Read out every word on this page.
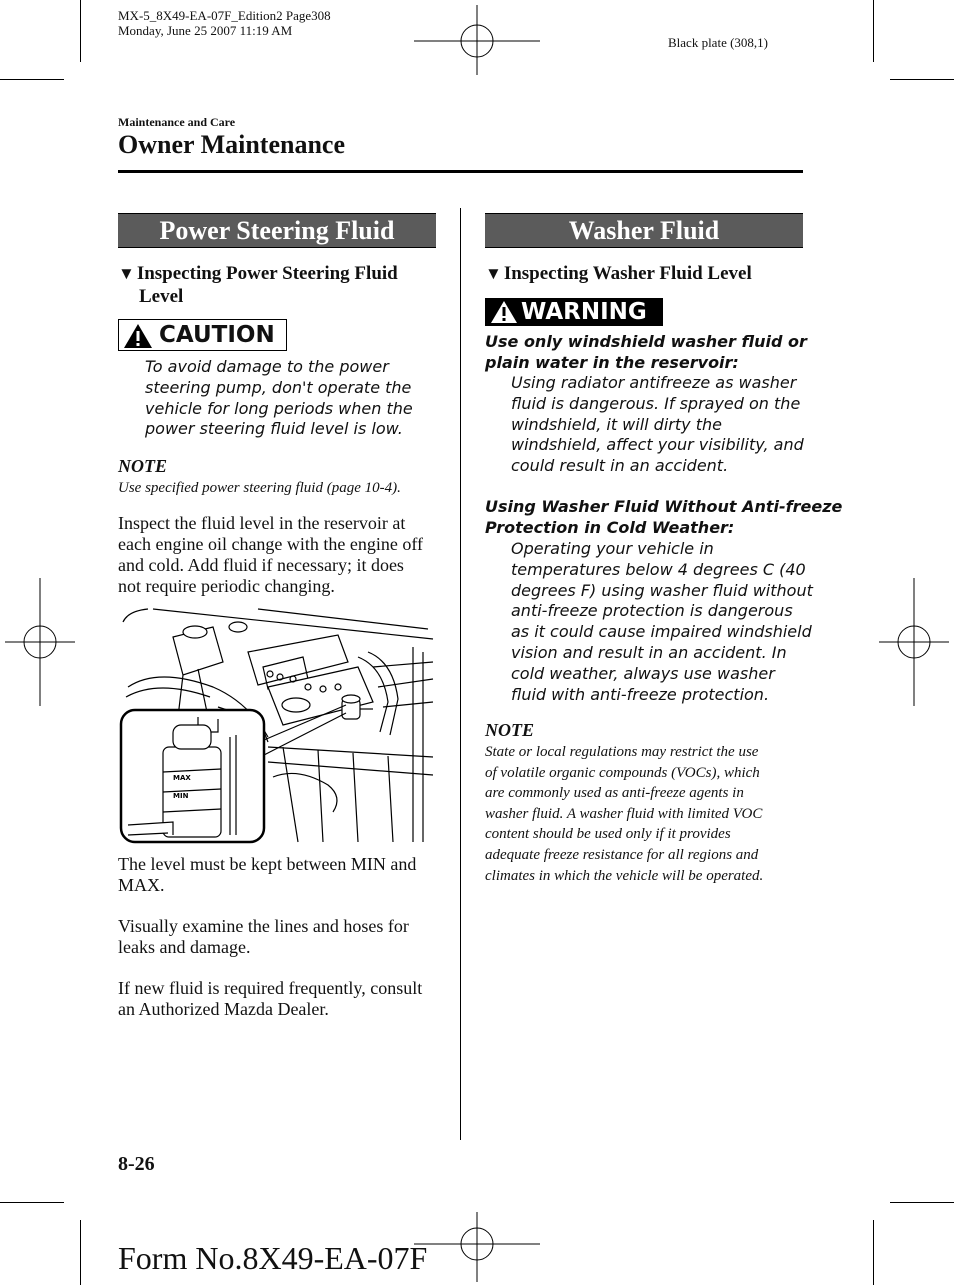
MX-5_8X49-EA-07F_Edition2 Page308
Monday, June 25 2007 11:19 AM
Black plate (308,1)
Maintenance and Care
Owner Maintenance
Power Steering Fluid
▼ Inspecting Power Steering Fluid
Level
CAUTION
To avoid damage to the power
steering pump, don't operate the
vehicle for long periods when the
power steering fluid level is low.
NOTE
Use specified power steering fluid (page 10-4).
Inspect the fluid level in the reservoir at
each engine oil change with the engine off
and cold. Add fluid if necessary; it does
not require periodic changing.
MAX
MIN
The level must be kept between MIN and
MAX.
Visually examine the lines and hoses for
leaks and damage.
If new fluid is required frequently, consult
an Authorized Mazda Dealer.
Washer Fluid
▼ Inspecting Washer Fluid Level
WARNING
Use only windshield washer fluid or
plain water in the reservoir:
Using radiator antifreeze as washer
fluid is dangerous. If sprayed on the
windshield, it will dirty the
windshield, affect your visibility, and
could result in an accident.
Using Washer Fluid Without Anti-freeze
Protection in Cold Weather:
Operating your vehicle in
temperatures below 4 degrees C (40
degrees F) using washer fluid without
anti-freeze protection is dangerous
as it could cause impaired windshield
vision and result in an accident. In
cold weather, always use washer
fluid with anti-freeze protection.
NOTE
State or local regulations may restrict the use
of volatile organic compounds (VOCs), which
are commonly used as anti-freeze agents in
washer fluid. A washer fluid with limited VOC
content should be used only if it provides
adequate freeze resistance for all regions and
climates in which the vehicle will be operated.
8-26
Form No.8X49-EA-07F
